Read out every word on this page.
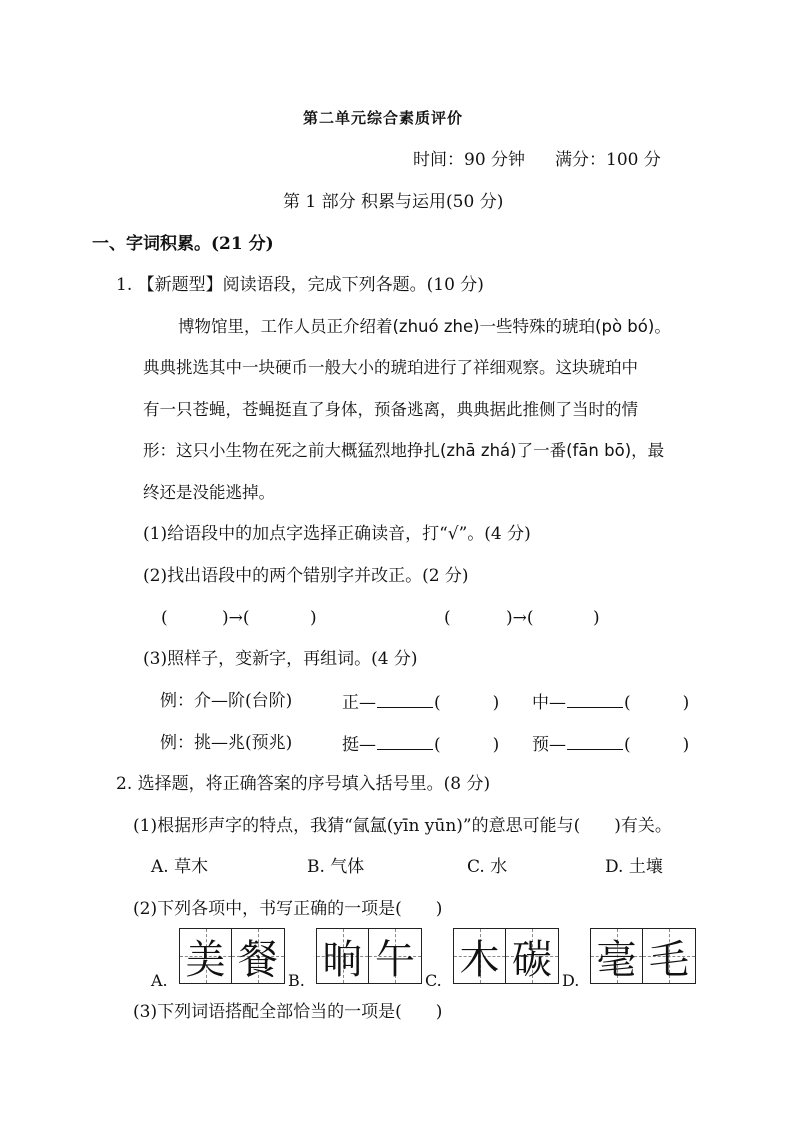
第二单元综合素质评价
时间：90 分钟 满分：100 分
第 1 部分 积累与运用(50 分)
一、字词积累。(21 分)
1. 【新题型】阅读语段，完成下列各题。(10 分)
博物馆里，工作人员正介绍着(zhuó zhe)一些特殊的琥珀(pò bó)。
典典挑选其中一块硬币一般大小的琥珀进行了祥细观察。这块琥珀中
有一只苍蝇，苍蝇挺直了身体，预备逃离，典典据此推侧了当时的情
形：这只小生物在死之前大概猛烈地挣扎(zhā zhá)了一番(fān bō)，最
终还是没能逃掉。
(1)给语段中的加点字选择正确读音，打“√”。(4 分)
(2)找出语段中的两个错别字并改正。(2 分)
(	)→(	)	(	)→(	)
(3)照样子，变新字，再组词。(4 分)
例：介—阶(台阶)	正—	(	) 中—	(	)
例：挑—兆(预兆)	挺—	(	) 预—	(	)
2. 选择题，将正确答案的序号填入括号里。(8 分)
(1)根据形声字的特点，我猜“氤氲(yīn yūn)”的意思可能与(　　)有关。
A. 草木	B. 气体	C. 水	D. 土壤
(2)下列各项中，书写正确的一项是(　　)
A. 美 餐 B. 晌 午 C. 木 碳 D. 毫 毛
(3)下列词语搭配全部恰当的一项是(　　)
